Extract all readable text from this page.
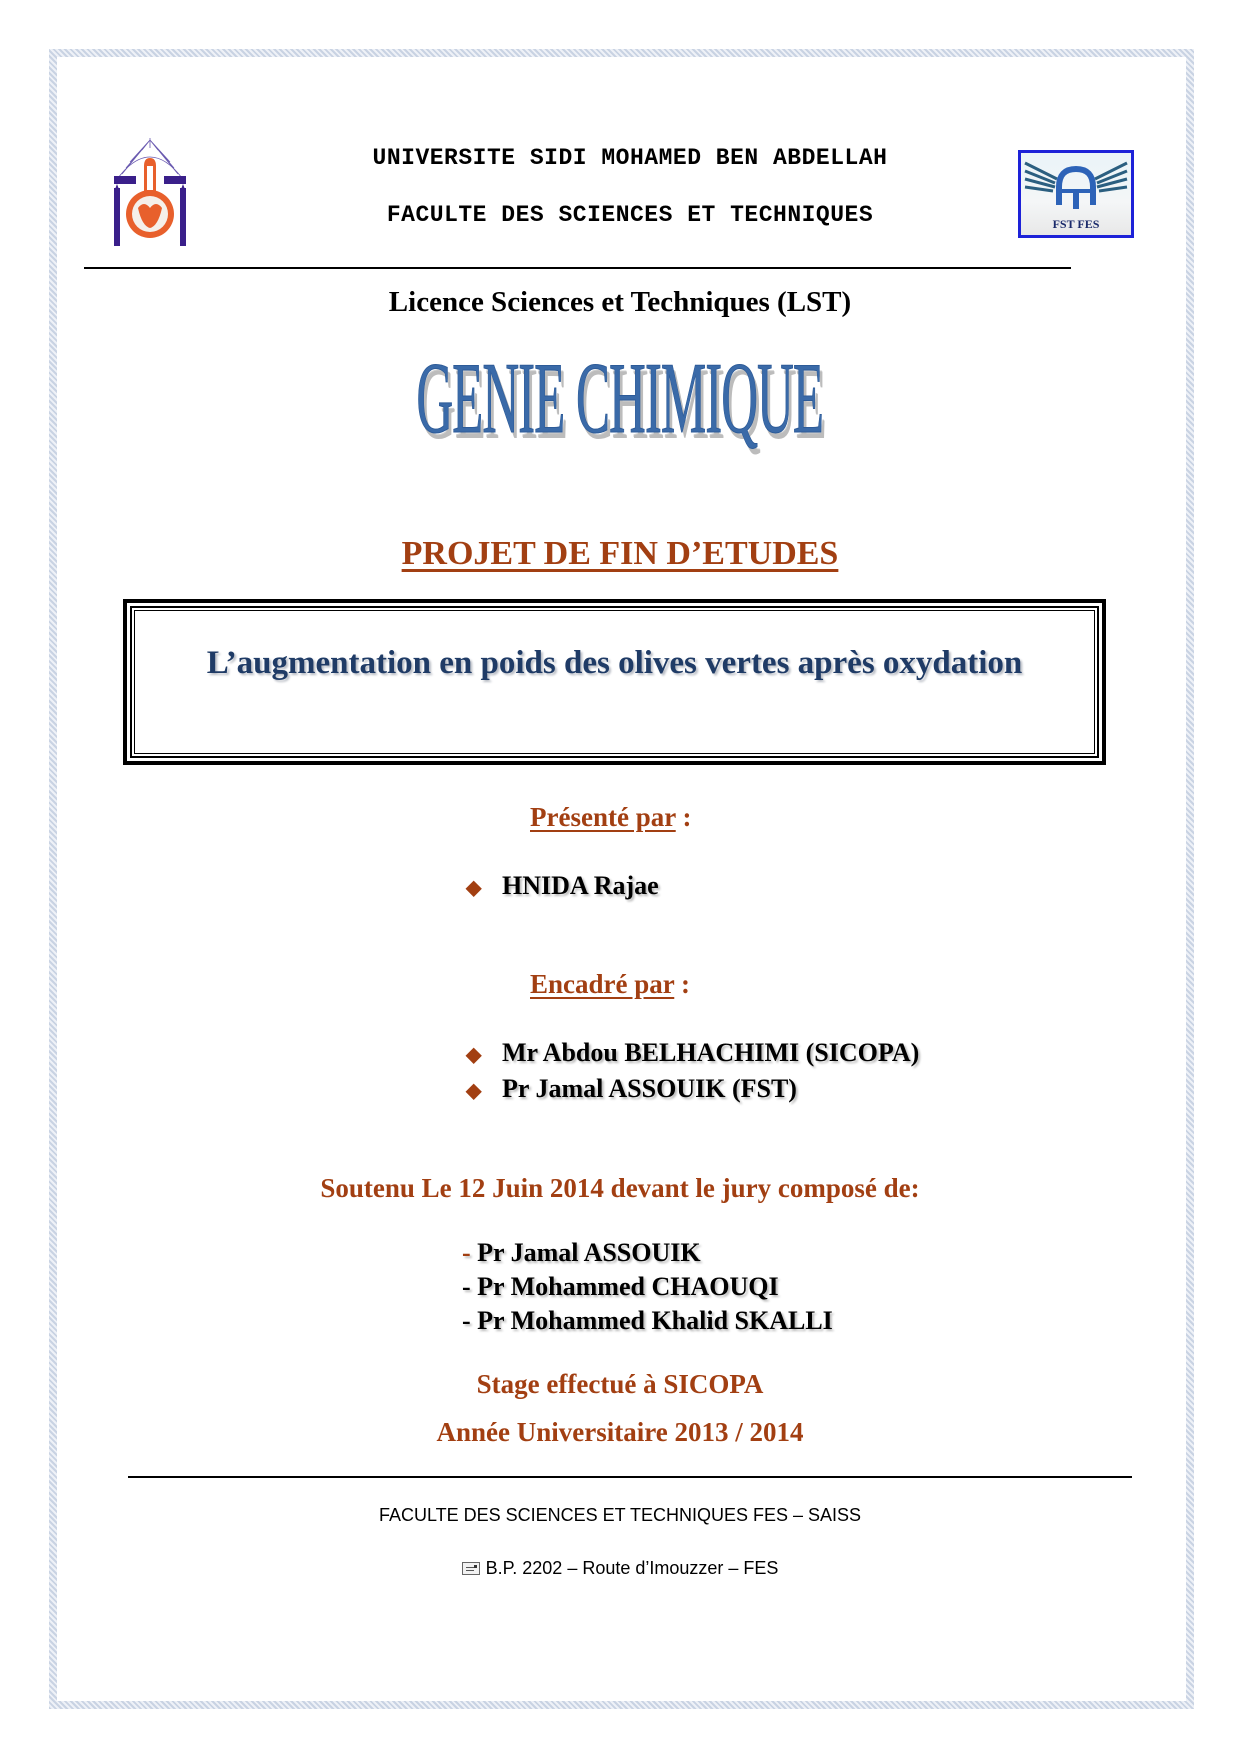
UNIVERSITE SIDI MOHAMED BEN ABDELLAH
FACULTE DES SCIENCES ET TECHNIQUES	FST FES
Licence Sciences et Techniques (LST)
GENIE CHIMIQUE
PROJET DE FIN D’ETUDES
L’augmentation en poids des olives vertes après oxydation
Présenté par :
◆ HNIDA Rajae
Encadré par :
◆ Mr Abdou BELHACHIMI (SICOPA)
◆ Pr Jamal ASSOUIK (FST)
Soutenu Le 12 Juin 2014 devant le jury composé de:
- Pr Jamal ASSOUIK
- Pr Mohammed CHAOUQI
- Pr Mohammed Khalid SKALLI
Stage effectué à SICOPA
Année Universitaire 2013 / 2014
FACULTE DES SCIENCES ET TECHNIQUES FES – SAISS
B.P. 2202 – Route d’Imouzzer – FES
